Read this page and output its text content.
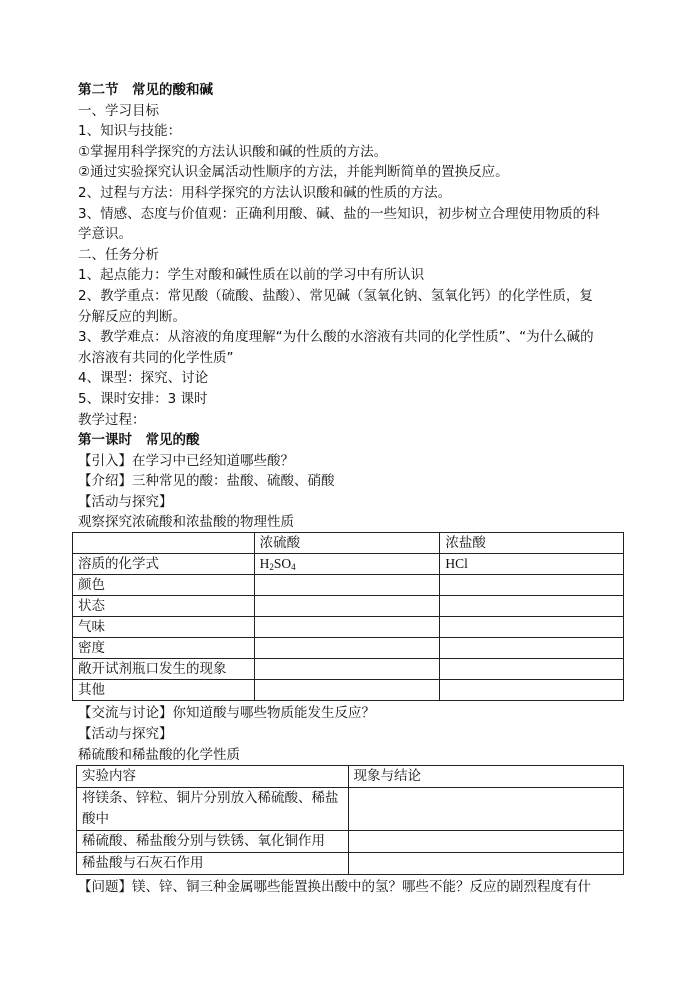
第二节　常见的酸和碱
一、学习目标
1、知识与技能：
①掌握用科学探究的方法认识酸和碱的性质的方法。
②通过实验探究认识金属活动性顺序的方法，并能判断简单的置换反应。
2、过程与方法：用科学探究的方法认识酸和碱的性质的方法。
3、情感、态度与价值观：正确利用酸、碱、盐的一些知识，初步树立合理使用物质的科
学意识。
二、任务分析
1、起点能力：学生对酸和碱性质在以前的学习中有所认识
2、教学重点：常见酸（硫酸、盐酸）、常见碱（氢氧化钠、氢氧化钙）的化学性质，复
分解反应的判断。
3、教学难点：从溶液的角度理解“为什么酸的水溶液有共同的化学性质”、“为什么碱的
水溶液有共同的化学性质”
4、课型：探究、讨论
5、课时安排：3 课时
教学过程：
第一课时　常见的酸
【引入】在学习中已经知道哪些酸？
【介绍】三种常见的酸：盐酸、硫酸、硝酸
【活动与探究】
观察探究浓硫酸和浓盐酸的物理性质
	浓硫酸	浓盐酸
溶质的化学式	$H_2SO_4$	HCl
颜色		
状态		
气味		
密度		
敞开试剂瓶口发生的现象		
其他		
【交流与讨论】你知道酸与哪些物质能发生反应？
【活动与探究】
稀硫酸和稀盐酸的化学性质
实验内容	现象与结论

将镁条、锌粒、铜片分别放入稀硫酸、稀盐
酸中	

稀硫酸、稀盐酸分别与铁锈、氧化铜作用	
稀盐酸与石灰石作用	
【问题】镁、锌、铜三种金属哪些能置换出酸中的氢？哪些不能？反应的剧烈程度有什
